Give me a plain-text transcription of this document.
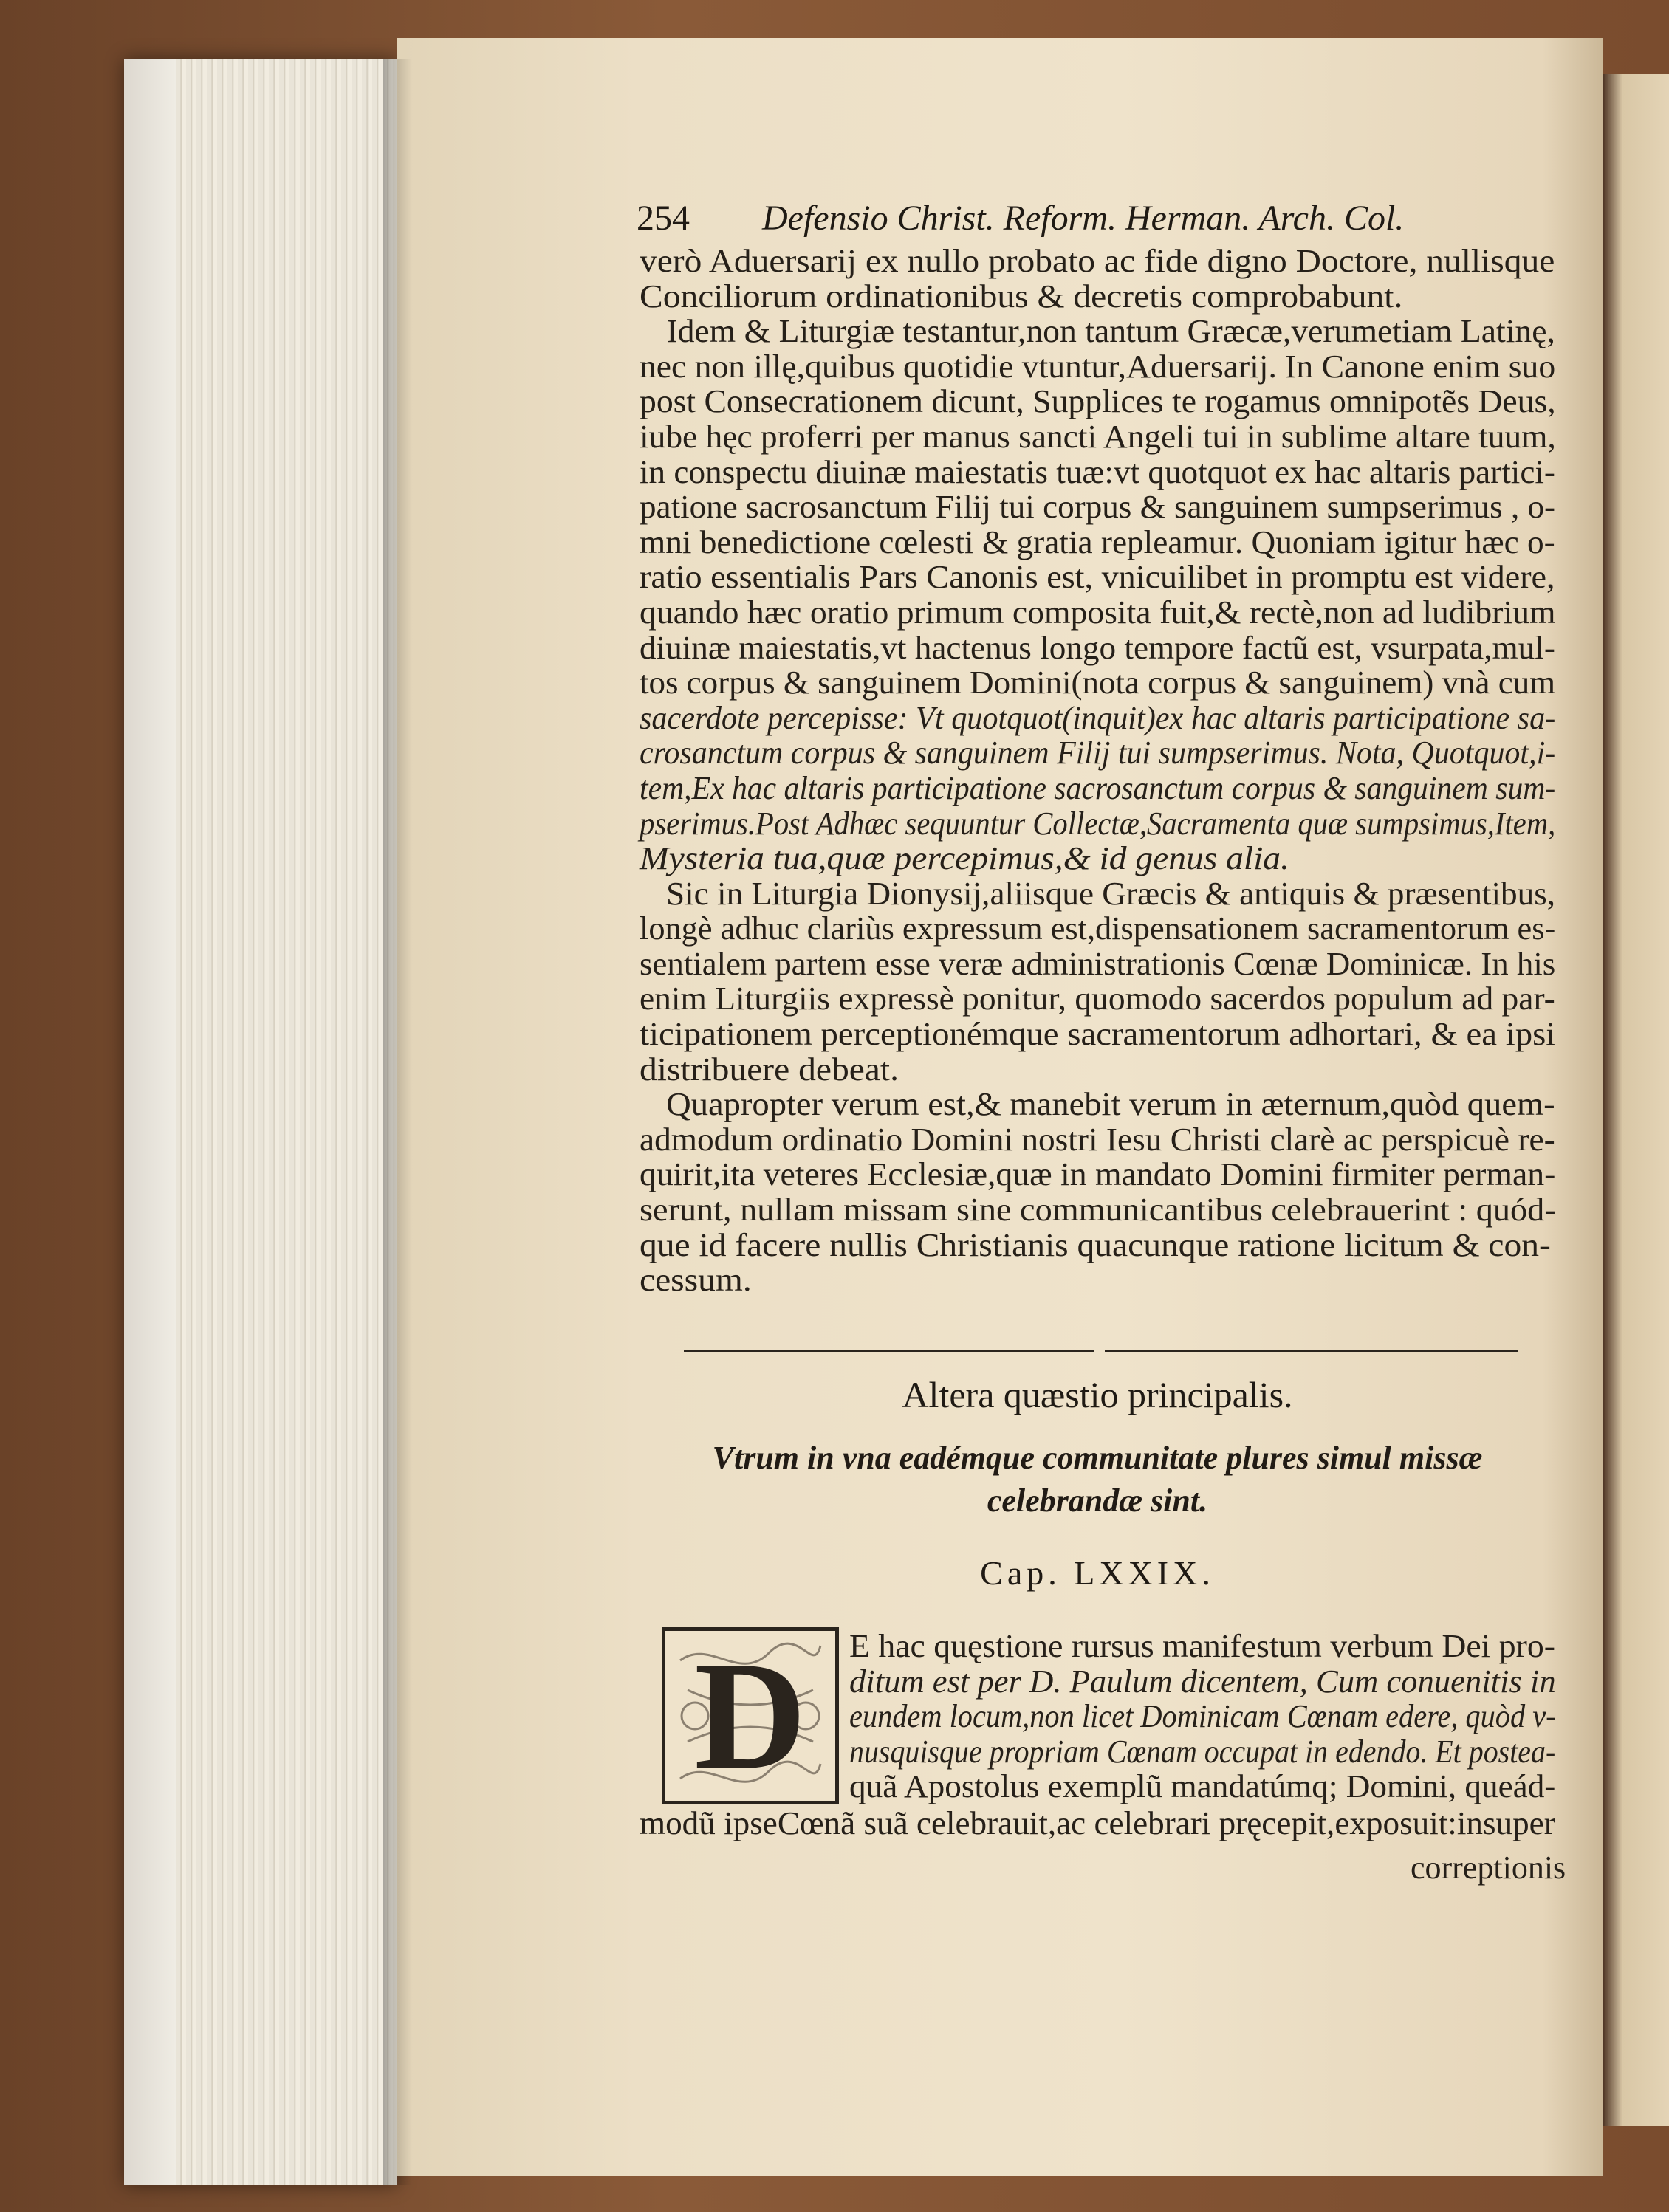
254 Defensio Christ. Reform. Herman. Arch. Col.
verò Aduersarij ex nullo probato ac fide digno Doctore, nullisque
Conciliorum ordinationibus & decretis comprobabunt.
Idem & Liturgiæ testantur,non tantum Græcæ,verumetiam Latinę,
nec non illę,quibus quotidie vtuntur,Aduersarij. In Canone enim suo
post Consecrationem dicunt, Supplices te rogamus omnipotẽs Deus,
iube hęc proferri per manus sancti Angeli tui in sublime altare tuum,
in conspectu diuinæ maiestatis tuæ:vt quotquot ex hac altaris partici-
patione sacrosanctum Filij tui corpus & sanguinem sumpserimus , o-
mni benedictione cœlesti & gratia repleamur. Quoniam igitur hæc o-
ratio essentialis Pars Canonis est, vnicuilibet in promptu est videre,
quando hæc oratio primum composita fuit,& rectè,non ad ludibrium
diuinæ maiestatis,vt hactenus longo tempore factũ est, vsurpata,mul-
tos corpus & sanguinem Domini(nota corpus & sanguinem) vnà cum
sacerdote percepisse: Vt quotquot(inquit)ex hac altaris participatione sa-
crosanctum corpus & sanguinem Filij tui sumpserimus. Nota, Quotquot,i-
tem,Ex hac altaris participatione sacrosanctum corpus & sanguinem sum-
pserimus.Post Adhæc sequuntur Collectæ,Sacramenta quæ sumpsimus,Item,
Mysteria tua,quæ percepimus,& id genus alia.
Sic in Liturgia Dionysij,aliisque Græcis & antiquis & præsentibus,
longè adhuc clariùs expressum est,dispensationem sacramentorum es-
sentialem partem esse veræ administrationis Cœnæ Dominicæ. In his
enim Liturgiis expressè ponitur, quomodo sacerdos populum ad par-
ticipationem perceptionémque sacramentorum adhortari, & ea ipsi
distribuere debeat.
Quapropter verum est,& manebit verum in æternum,quòd quem-
admodum ordinatio Domini nostri Iesu Christi clarè ac perspicuè re-
quirit,ita veteres Ecclesiæ,quæ in mandato Domini firmiter perman-
serunt, nullam missam sine communicantibus celebrauerint : quód-
que id facere nullis Christianis quacunque ratione licitum & con-
cessum.
Altera quæstio principalis.
Vtrum in vna eadémque communitate plures simul missæ
celebrandæ sint.
Cap. LXXIX.
D	E hac quęstione rursus manifestum verbum Dei pro-
ditum est per D. Paulum dicentem, Cum conuenitis in
eundem locum,non licet Dominicam Cœnam edere, quòd v-
nusquisque propriam Cœnam occupat in edendo. Et postea-
quã Apostolus exemplũ mandatúmq; Domini, queád-
modũ ipseCœnã suã celebrauit,ac celebrari pręcepit,exposuit:insuper
correptionis
